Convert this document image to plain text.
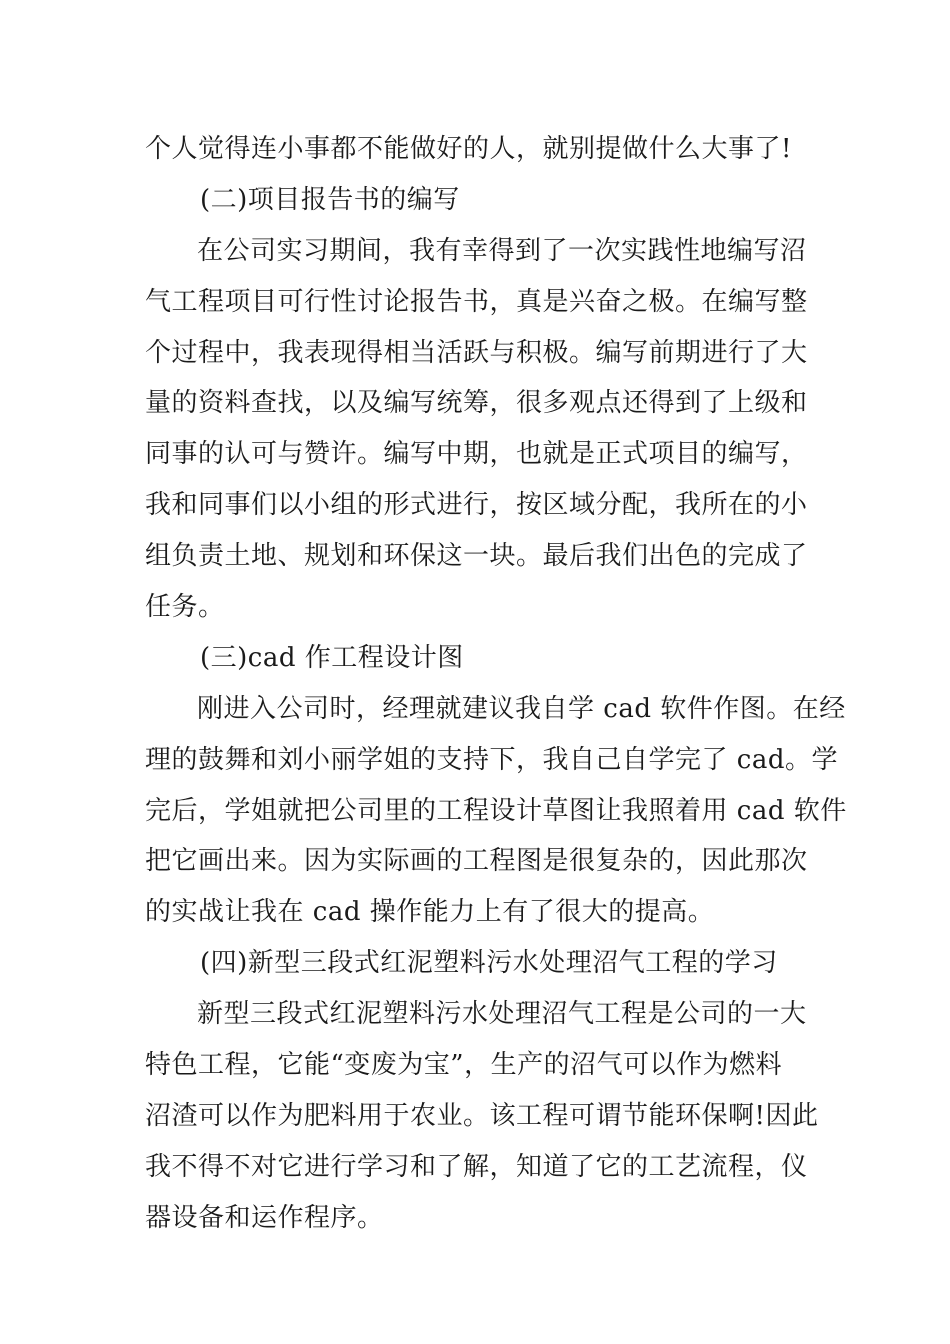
个人觉得连小事都不能做好的人，就别提做什么大事了!
(二)项目报告书的编写
在公司实习期间，我有幸得到了一次实践性地编写沼
气工程项目可行性讨论报告书，真是兴奋之极。在编写整
个过程中，我表现得相当活跃与积极。编写前期进行了大
量的资料查找，以及编写统筹，很多观点还得到了上级和
同事的认可与赞许。编写中期，也就是正式项目的编写，
我和同事们以小组的形式进行，按区域分配，我所在的小
组负责土地、规划和环保这一块。最后我们出色的完成了
任务。
(三)cad 作工程设计图
刚进入公司时，经理就建议我自学 cad 软件作图。在经
理的鼓舞和刘小丽学姐的支持下，我自己自学完了 cad。学
完后，学姐就把公司里的工程设计草图让我照着用 cad 软件
把它画出来。因为实际画的工程图是很复杂的，因此那次
的实战让我在 cad 操作能力上有了很大的提高。
(四)新型三段式红泥塑料污水处理沼气工程的学习
新型三段式红泥塑料污水处理沼气工程是公司的一大
特色工程，它能“变废为宝”，生产的沼气可以作为燃料
沼渣可以作为肥料用于农业。该工程可谓节能环保啊!因此
我不得不对它进行学习和了解，知道了它的工艺流程，仪
器设备和运作程序。
